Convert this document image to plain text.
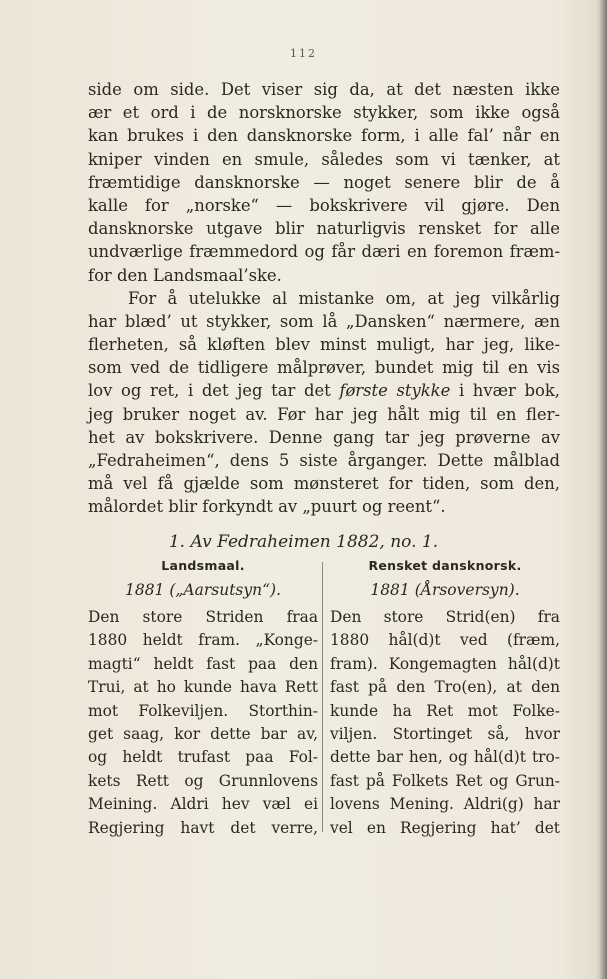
112
side om side. Det viser sig da, at det næsten ikke
ær et ord i de norsknorske stykker, som ikke også
kan brukes i den dansknorske form, i alle fal’ når en
kniper vinden en smule, således som vi tænker, at
fræmtidige dansknorske — noget senere blir de å
kalle for „norske“ — bokskrivere vil gjøre. Den
dansknorske utgave blir naturligvis rensket for alle
undværlige fræmmedord og får dæri en foremon fræm-
for den Landsmaal’ske.
For å utelukke al mistanke om, at jeg vilkårlig
har blæd’ ut stykker, som lå „Dansken“ nærmere, æn
flerheten, så kløften blev minst muligt, har jeg, like-
som ved de tidligere målprøver, bundet mig til en vis
lov og ret, i det jeg tar det første stykke i hvær bok,
jeg bruker noget av. Før har jeg hålt mig til en fler-
het av bokskrivere. Denne gang tar jeg prøverne av
„Fedraheimen“, dens 5 siste årganger. Dette målblad
må vel få gjælde som mønsteret for tiden, som den,
målordet blir forkyndt av „puurt og reent“.
1. Av Fedraheimen 1882, no. 1.
Landsmaal.
1881 („Aarsutsyn“).
Den store Striden fraa
1880 heldt fram. „Konge-
magti“ heldt fast paa den
Trui, at ho kunde hava Rett
mot Folkeviljen. Storthin-
get saag, kor dette bar av,
og heldt trufast paa Fol-
kets Rett og Grunnlovens
Meining. Aldri hev væl ei
Regjering havt det verre,
Rensket dansknorsk.
1881 (Årsoversyn).
Den store Strid(en) fra
1880 hål(d)t ved (fræm,
fram). Kongemagten hål(d)t
fast på den Tro(en), at den
kunde ha Ret mot Folke-
viljen. Stortinget så, hvor
dette bar hen, og hål(d)t tro-
fast på Folkets Ret og Grun-
lovens Mening. Aldri(g) har
vel en Regjering hat’ det
